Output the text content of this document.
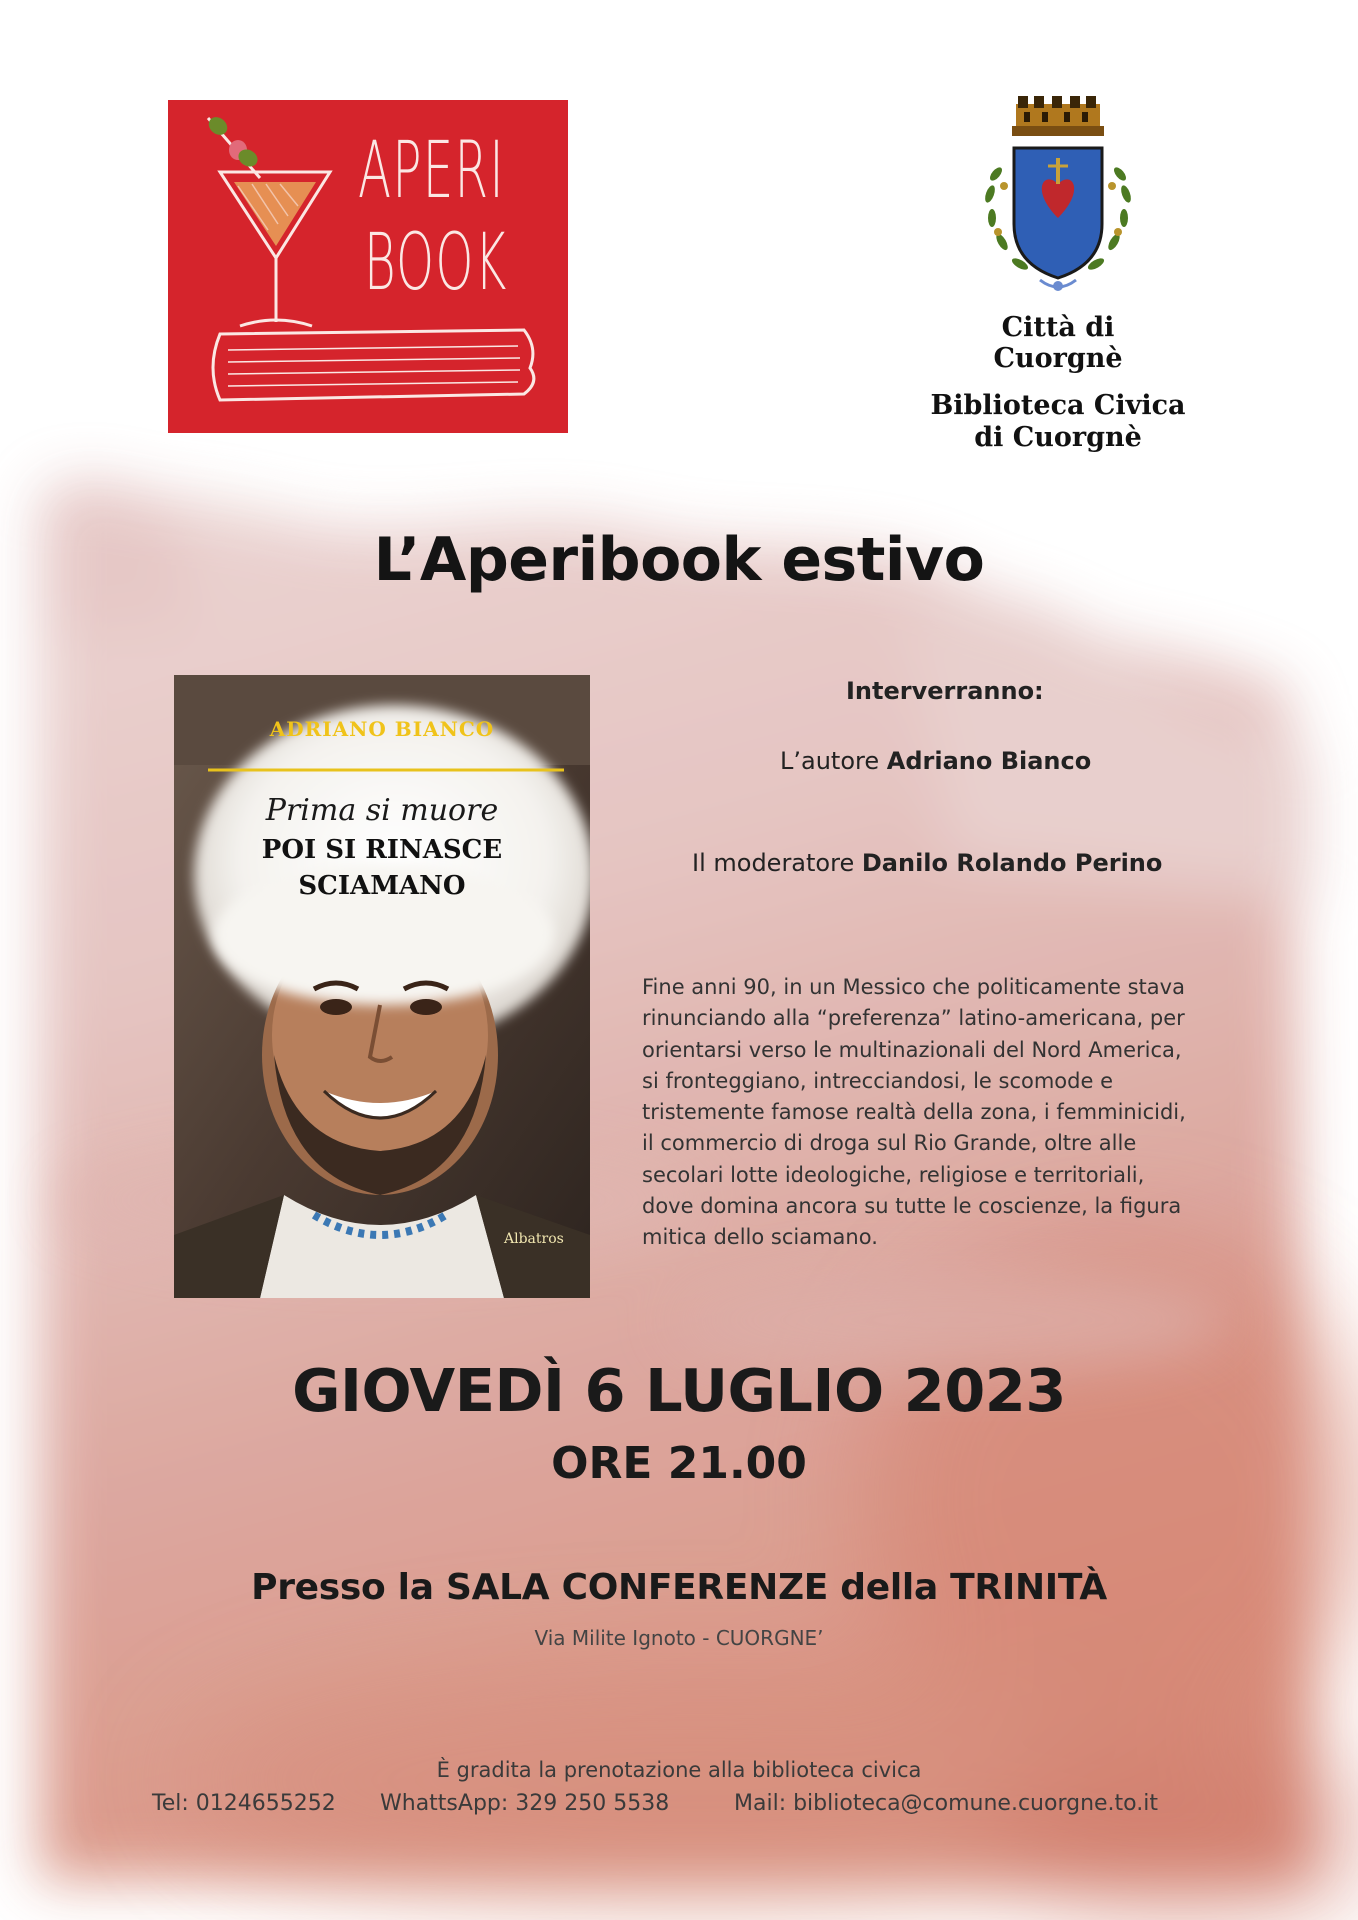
APERI
BOOK
Città di
Cuorgnè
Biblioteca Civica
di Cuorgnè
L’Aperibook estivo
ADRIANO BIANCO
Prima si muore
POI SI RINASCE
SCIAMANO
Albatros
Interverranno:
L’autore Adriano Bianco
Il moderatore Danilo Rolando Perino
Fine anni 90, in un Messico che politicamente stava
rinunciando alla “preferenza” latino-americana, per
orientarsi verso le multinazionali del Nord America,
si fronteggiano, intrecciandosi, le scomode e
tristemente famose realtà della zona, i femminicidi,
il commercio di droga sul Rio Grande, oltre alle
secolari lotte ideologiche, religiose e territoriali,
dove domina ancora su tutte le coscienze, la figura
mitica dello sciamano.
GIOVEDÌ 6 LUGLIO 2023
ORE 21.00
Presso la SALA CONFERENZE della TRINITÀ
Via Milite Ignoto - CUORGNE’
È gradita la prenotazione alla biblioteca civica
Tel: 0124655252 WhattsApp: 329 250 5538	Mail: biblioteca@comune.cuorgne.to.it
